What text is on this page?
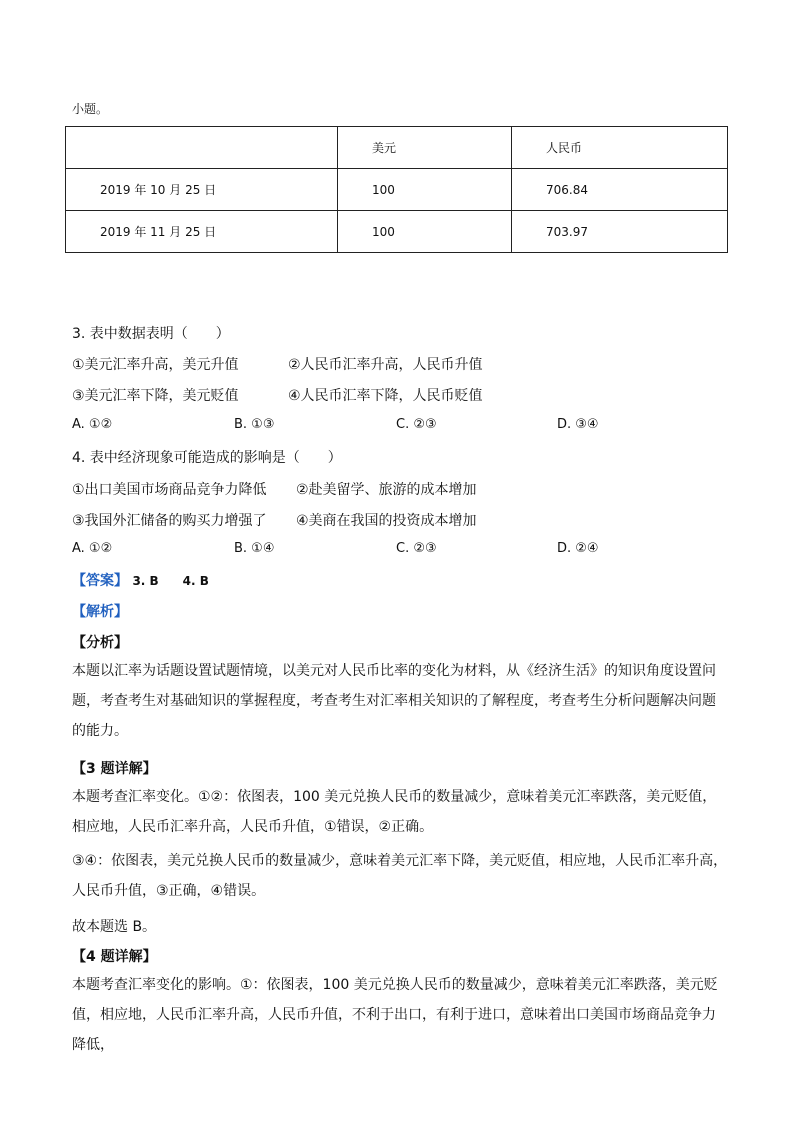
小题。
	美元	人民币
2019 年 10 月 25 日	100	706.84
2019 年 11 月 25 日	100	703.97
3. 表中数据表明（　　）
①美元汇率升高，美元升值	②人民币汇率升高，人民币升值
③美元汇率下降，美元贬值	④人民币汇率下降，人民币贬值
A. ①②	B. ①③	C. ②③	D. ③④
4. 表中经济现象可能造成的影响是（　　）
①出口美国市场商品竞争力降低 ②赴美留学、旅游的成本增加
③我国外汇储备的购买力增强了 ④美商在我国的投资成本增加
A. ①②	B. ①④	C. ②③	D. ②④
【答案】 3. B　　4. B
【解析】
【分析】
本题以汇率为话题设置试题情境，以美元对人民币比率的变化为材料，从《经济生活》的知识角度设置问题，考查考生对基础知识的掌握程度，考查考生对汇率相关知识的了解程度，考查考生分析问题解决问题的能力。
【3 题详解】
本题考查汇率变化。①②：依图表，100 美元兑换人民币的数量减少，意味着美元汇率跌落，美元贬值，相应地，人民币汇率升高，人民币升值，①错误，②正确。
③④：依图表，美元兑换人民币的数量减少，意味着美元汇率下降，美元贬值，相应地，人民币汇率升高，人民币升值，③正确，④错误。
故本题选 B。
【4 题详解】
本题考查汇率变化的影响。①：依图表，100 美元兑换人民币的数量减少，意味着美元汇率跌落，美元贬值，相应地，人民币汇率升高，人民币升值，不利于出口，有利于进口，意味着出口美国市场商品竞争力降低，
